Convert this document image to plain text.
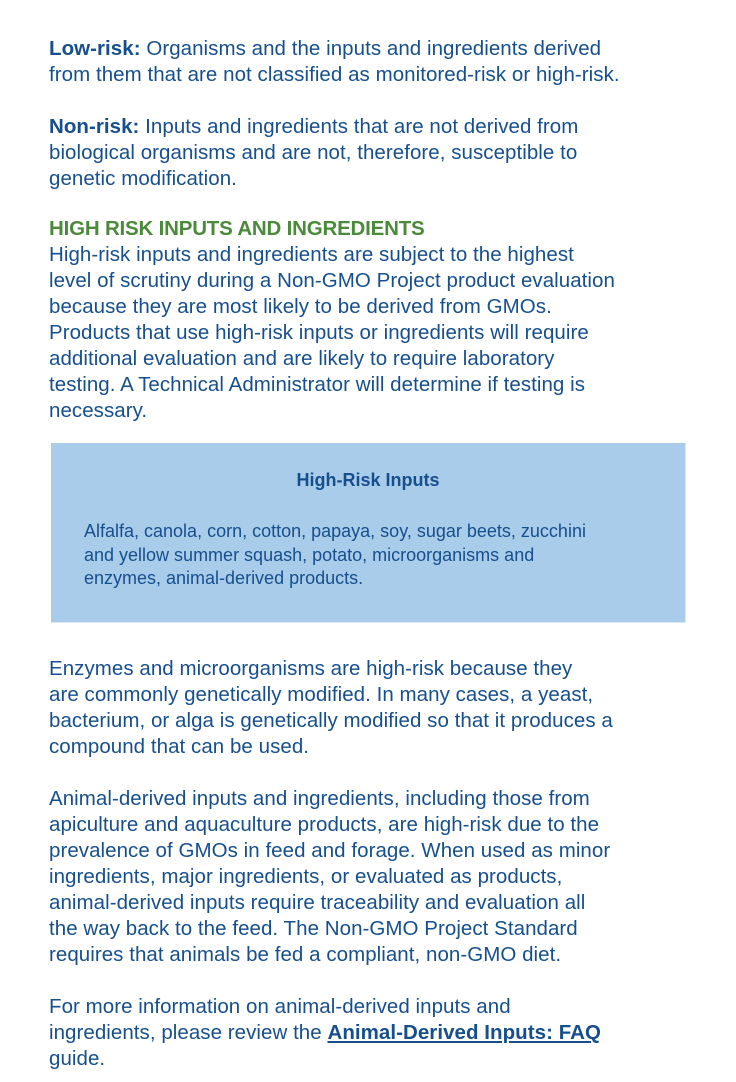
Low-risk: Organisms and the inputs and ingredients derived
from them that are not classified as monitored-risk or high-risk.

Non-risk: Inputs and ingredients that are not derived from
biological organisms and are not, therefore, susceptible to
genetic modification.

HIGH RISK INPUTS AND INGREDIENTS

High-risk inputs and ingredients are subject to the highest
level of scrutiny during a Non-GMO Project product evaluation
because they are most likely to be derived from GMOs.
Products that use high-risk inputs or ingredients will require
additional evaluation and are likely to require laboratory
testing. A Technical Administrator will determine if testing is
necessary.

High-Risk Inputs
Alfalfa, canola, corn, cotton, papaya, soy, sugar beets, zucchini
and yellow summer squash, potato, microorganisms and
enzymes, animal-derived products.

Enzymes and microorganisms are high-risk because they
are commonly genetically modified. In many cases, a yeast,
bacterium, or alga is genetically modified so that it produces a
compound that can be used.

Animal-derived inputs and ingredients, including those from
apiculture and aquaculture products, are high-risk due to the
prevalence of GMOs in feed and forage. When used as minor
ingredients, major ingredients, or evaluated as products,
animal-derived inputs require traceability and evaluation all
the way back to the feed. The Non-GMO Project Standard
requires that animals be fed a compliant, non-GMO diet.

For more information on animal-derived inputs and
ingredients, please review the Animal-Derived Inputs: FAQ
guide.
